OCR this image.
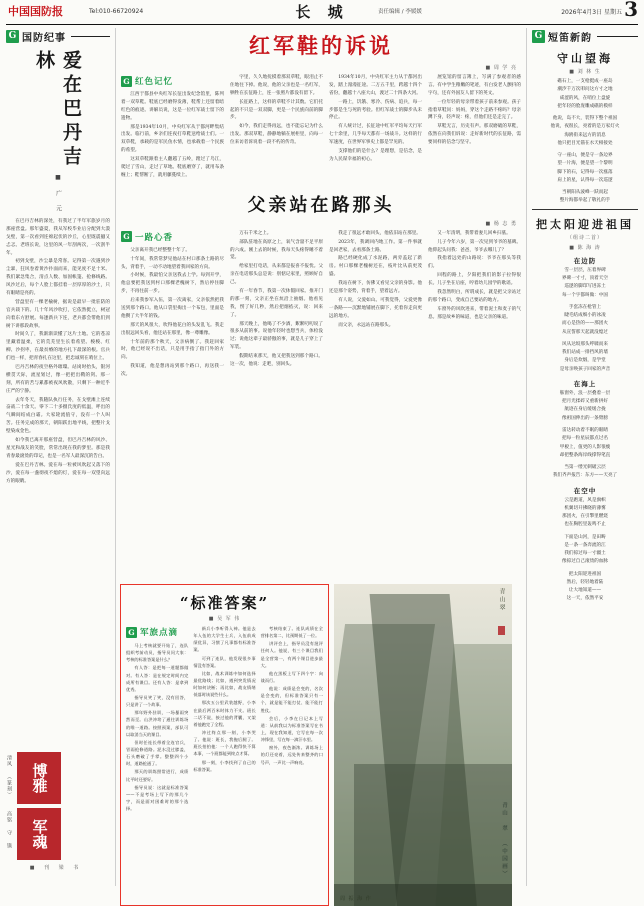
中国国防报	Tel:010-66720924	长 城	责任编辑 / 李媛媛	2026年4月3日 星期五 3
G 国防纪事
爱在巴丹吉林
■ 广 元

在巴丹吉林的深处，有我过了半年军旅岁月的那座营盘。那年盛夏，我从军校毕业后分配到大漠戈壁，第一次看到连绵起伏的沙丘，心里既震撼又忐忑。老班长说，这里的风一年刮两次，一次刮半年。

初到戈壁，沙尘暴是常客。记得第一次遇到沙尘暴，狂风卷着黄沙扑面而来，能见度不足十米。我们紧急集合，清点人数、加固帐篷、抢修线路。风沙过后，每个人脸上都挂着一层厚厚的沙土，只有眼睛是亮的。

营盘里有一棵老榆树，据说是最早一批驻防的官兵栽下的。几十年风沙吹打，它依然挺立，树冠向着东方舒展。每逢新兵下连，老兵都会带他们到树下讲那段故事。

时间久了，我渐渐读懂了这片土地。它的苍凉里藏着温柔，它的荒芜里生长着希望。梭梭、红柳、沙拐枣，在最贫瘠的地方扎下最深的根。官兵们也一样，把青春扎在这里，把忠诚刻在哨位上。

巴丹吉林的夜空格外璀璨。站岗时抬头，银河横贯天际，流星划过，像一把把出鞘的剑。那一刻，所有的苦与累都被夜风吹散，只剩下一种近乎庄严的宁静。

去年冬天，我随队执行任务，在戈壁滩上连续奋战二十余天。零下二十多摄氏度的低温，呼出的气瞬间结成白霜。大家轮流值守，没有一个人叫苦。任务完成的那天，朝阳跃出地平线，把整片戈壁染成金色。

如今我已离开那座营盘，但巴丹吉林的风沙、星光和战友的笑脸，常常出现在我的梦里。那是我青春最滚烫的印记，也是一名军人最深沉的告白。

爱在巴丹吉林。爱在每一粒被风吹起又落下的沙，爱在每一盏彻夜不熄的灯，爱在每一双望向远方的眼睛。

清风 （篆刻）	博雅
高铭 守 镌	军魂
■ 刊 梁 书
红军鞋的诉说
■ 周 学 亮
G 红色记忆

江西于都县中央红军长征出发纪念馆里，陈列着一双草鞋。鞋底已经磨得发薄，鞋帮上还留着暗红色的痕迹。讲解员说，这是一位红军战士留下的遗物。

那是1934年10月，中央红军从于都河畔集结出发。临行前，乡亲们连夜打草鞋送给战士们。一双草鞋，承载的是军民鱼水情，也承载着一个民族的希望。

这双草鞋跟着主人翻越了五岭，蹚过了乌江，爬过了雪山，走过了草地。鞋底磨穿了，就用布条缠上；鞋帮断了，就用藤蔓续上。

字里，久久地抚摸着那双草鞋，眼泪止不住地往下掉。他说，他的父亲也是一名红军，牺牲在长征路上，连一张照片都没有留下。

长征路上，这样的草鞋不计其数。它们托起的不只是一双双脚，更是一个民族向前的脚步。

如今，我们走得再远，也不能忘记为什么出发。那双草鞋，静静地躺在展柜里，向每一位来访者诉说着一段不朽的传奇。

1934年10月，中央红军主力从于都河出发，踏上漫漫征途。二万五千里，跨越十四个省份，翻越十八座大山，渡过二十四条大河。

一路上，饥饿、寒冷、伤病、追兵，每一步都是生与死的考验。但红军战士的脚步从未停止。

有人统计过，长征途中红军平均每天行军七十余里，几乎每天都有一场战斗。这样的行军速度，在世界军事史上都是罕见的。

支撑他们的是什么？是理想，是信念，是为人民谋幸福的初心。

展览馆的留言簿上，写满了参观者的感言。有中学生稚嫩的笔迹，有白发老人颤抖的字句，还有外国友人留下的英文。

一位年轻的母亲带着孩子前来参观。孩子指着草鞋问：妈妈，穿这个走路不疼吗？母亲蹲下身，轻声说：疼，但他们还是走完了。

草鞋无言，历史有声。那双磨破的草鞋，依然在向我们诉说：走好新时代的长征路，需要同样的信念与坚守。

父亲站在路那头
■ 杨 志 勇
G 一路心香

父亲离开我已经整整十年了。

十年间，我常常梦见他站在村口那条土路的尽头，背着手，一动不动地望着我回家的方向。

小时候，我最怕父亲送我去上学。每到开学，他总要把我送到村口那棵老槐树下，然后停住脚步，不再往前一步。

后来我参军入伍，第一次离家，父亲依然把我送到那个路口。他从口袋里掏出一个布包，里面是他攒了大半年的钱。

那天的风很大，吹得他花白的头发乱飞。我走出很远回头看，他还站在那里，像一尊雕像。

十年前的那个秋天，父亲病倒了。我赶回家时，他已经说不出话，只是用手指了指门外的方向。

我知道，他是想再站到那个路口，再送我一次。

万石千米之上。

部队驻地在高原之上，氧气含量不足平原的六成。刚上去的时候，我每天头疼得睡不着觉。

给家里打电话，从来都是报喜不报忧。父亲在电话那头总是说：别惦记家里，照顾好自己。

有一年春节，我第一次休假回家。推开门的那一刻，父亲正坐在炕沿上抽烟。他看见我，愣了好几秒，然后把烟掐灭，说：回来了。

那天晚上，他喝了不少酒，絮絮叨叨说了很多从前的事。说他年轻时也想当兵，体检没过；说他这辈子最骄傲的事，就是儿子穿上了军装。

假期结束那天，他又把我送到那个路口。这一次，他说：走吧，别回头。

我走了很远才敢回头，他依旧站在那里。

2023年，我调回内地工作。第一件事就是回老家，去看那条土路。

路已经硬化成了水泥路，两旁盖起了新房。村口那棵老槐树还在，枝叶比从前更茂盛。

我站在树下，仿佛又看见父亲的身影。他还是那个姿势，背着手，望着远方。

有人说，父爱如山。可我觉得，父爱更像一条路——沉默地铺展在脚下，托着你走向更远的地方。

而父亲，永远站在路那头。

又一年清明，我带着妻儿回乡扫墓。

儿子今年六岁，第一次见到爷爷的墓碑。他仰起头问我：爸爸，爷爷去哪儿了？

我指着远处的山路说：爷爷在那头等我们。

回程的路上，夕阳把我们的影子拉得很长。儿子坐在后座，哼着幼儿园学的歌谣。

我忽然明白，所谓成长，就是把父亲站过的那个路口，变成自己要站的地方。

车窗外的风吹进来，带着泥土和麦子的气息。那是故乡的味道，也是父亲的味道。

“标准答案”
■ 吴 军 伟
G 军旅点滴

马上考核就要开始了，连队组织考前动员，指导员问大家：考核的标准答案是什么？

有人答：是把每一道题都做对。有人答：是在规定时间内完成所有课目。还有人答：是拿到优秀。

指导员笑了笑，没有回答，只是讲了一个故事。

那年野外驻训，一场暴雨突然而至。山洪冲垮了通往训练场的唯一道路。按照预案，部队可以取消当天的课目。

但时任连长带着全连官兵，冒雨抢修道路。泥水没过膝盖，石头磨破了手掌。整整四个小时，道路抢通了。

那天的训练照常进行，成绩比平时还要好。

指导员说：这就是标准答案——不是考场上写下的那几个字，而是面对困难时的那个选择。

新兵小李听得入神。他是去年入伍的大学生士兵，入伍前成绩优异，习惯了凡事都有标准答案。

可到了连队，他发现很多事情没有答案。

比如，战术训练中如何选择最优路线；比如，遇到突发情况时如何决断；再比如，战友情绪低落时该说些什么。

那次五公里武装越野，小李在最后两百米时体力不支。班长二话不说，接过他的背囊，又架着他跑完了全程。

冲过终点那一刻，小李哭了。他说：班长，我拖后腿了。班长拍拍他：一个人跑得快不算本事，一个班都能到终点才算。

那一刻，小李找到了自己的标准答案。

考核结束了。连队成绩在全营排名第二，比预期低了一位。

讲评会上，指导员没有批评任何人。他说，有三个课目我们是全营第一，有两个课目进步最大。

他在黑板上写下四个字：向战而行。

他说：成绩是会变的，名次是会变的，但标准答案只有一个，就是能不能打仗、能不能打胜仗。

会后，小李在日记本上写道：从前我以为标准答案写在书上，现在我知道，它写在每一次冲锋里，写在每一滴汗水里。

窗外，夜色渐浓。训练场上的灯还亮着，远处传来整齐的口号声，一声比一声响亮。

青山翠
青山 翠 （中国画）
周 振 海 作
G 短笛新韵
守山望海
■ 刘 林 生
礁石上，一支枪挺成一座岛
潮汐千万次叩问这方寸之地
咸涩的风，在哨位上盘旋
把年轻的脸庞雕成礁的模样
他说，岛不大，装得下整个祖国
他说，夜很长，亮着的是万家灯火
海鸥衔来远方的消息
他只把目光锚在水天相接处
守一座山，便是守一条边界
望一片海，便是望一个黎明
脚下的石，记得每一次涨落
肩上的星，认得每一次巡逻
当朝阳从波峰一跃而起
整片海都举起了敬礼的手
把太阳迎进祖国
（组诗二首）
■ 陈 海 涛
在边防
雪一层层，压着界碑
界碑一寸寸，顶着天空
巡逻的脚印写进冻土
每一个字都叫做：中国
手套冻在枪管上
睫毛结成细小的冰凌
而心是热的——那团火
从宣誓那天起就没熄过
风从达坂那头呼啸而来
我们站成一排挡风的墙
身后是炊烟，是学堂
是母亲唤孩子回家的声音
在海上
舷窗外，浪一层叠着一层
把月光揉碎又重新拼好
航迹在身后缓缓合拢
像祖国伸出的一条臂膀
雷达转动着不眠的眼睛
把每一粒星辰都点过名
甲板上，值更的人影很瘦
却把整条海岸线撑得笔直
当第一缕光刺破云层
我们齐声报告：东方——天亮了
在空中
云是跑道，风是旗帜
机翼切开拂晓的薄雾
那团火，在引擎里燃烧
也在胸腔里轰鸣不止
下面是山河，是田畴
是一条一条奔流的江
我们掠过每一寸疆土
像掠过自己滚烫的血脉
把太阳迎进祖国
然后，轻轻地着陆
让大地知道——
这一天，依然平安
